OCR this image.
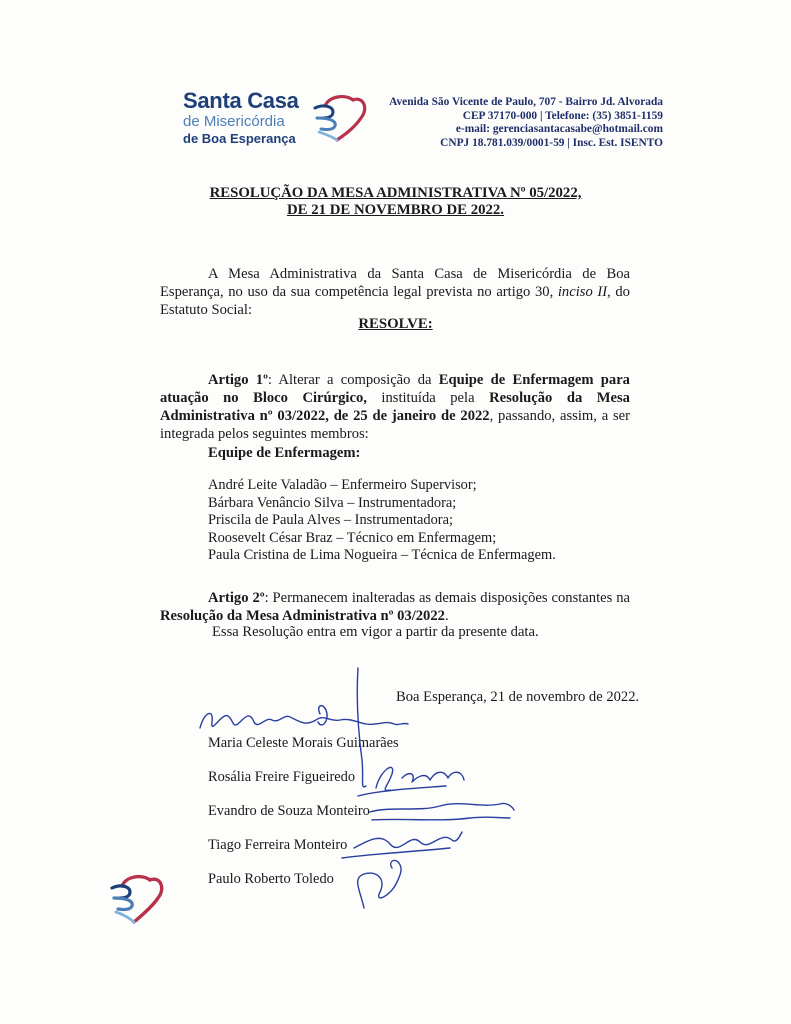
Santa Casa
de Misericórdia
de Boa Esperança
Avenida São Vicente de Paulo, 707 - Bairro Jd. Alvorada
CEP 37170-000 | Telefone: (35) 3851-1159
e-mail: gerenciasantacasabe@hotmail.com
CNPJ 18.781.039/0001-59 | Insc. Est. ISENTO
RESOLUÇÃO DA MESA ADMINISTRATIVA Nº 05/2022,
DE 21 DE NOVEMBRO DE 2022.

A Mesa Administrativa da Santa Casa de Misericórdia de Boa Esperança, no uso da sua competência legal prevista no artigo 30, inciso II, do Estatuto Social:

RESOLVE:

Artigo 1º: Alterar a composição da Equipe de Enfermagem para atuação no Bloco Cirúrgico, instituída pela Resolução da Mesa Administrativa nº 03/2022, de 25 de janeiro de 2022, passando, assim, a ser integrada pelos seguintes membros:

Equipe de Enfermagem:
André Leite Valadão – Enfermeiro Supervisor;
Bárbara Venâncio Silva – Instrumentadora;
Priscila de Paula Alves – Instrumentadora;
Roosevelt César Braz – Técnico em Enfermagem;
Paula Cristina de Lima Nogueira – Técnica de Enfermagem.

Artigo 2º: Permanecem inalteradas as demais disposições constantes na Resolução da Mesa Administrativa nº 03/2022.

Essa Resolução entra em vigor a partir da presente data.
Boa Esperança, 21 de novembro de 2022.
Maria Celeste Morais Guimarães
Rosália Freire Figueiredo
Evandro de Souza Monteiro
Tiago Ferreira Monteiro
Paulo Roberto Toledo
